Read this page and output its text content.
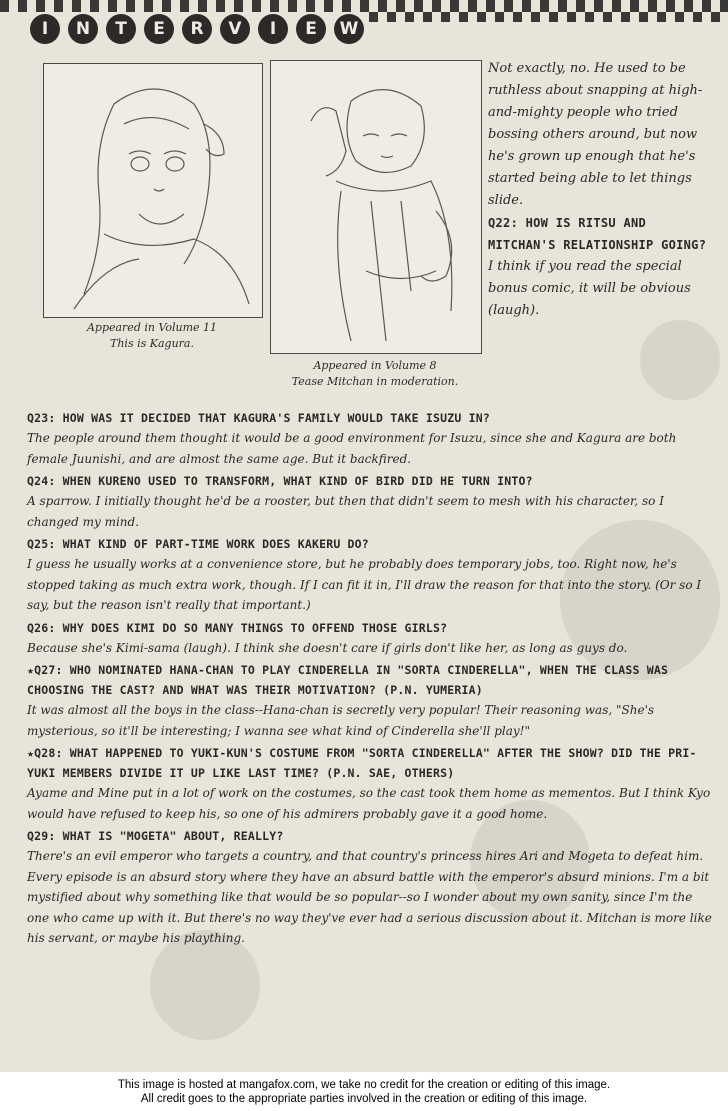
I	N	T	E	R	V	I	E	W
Appeared in Volume 11
This is Kagura.
Appeared in Volume 8
Tease Mitchan in moderation.
Not exactly, no. He used to be ruthless about snapping at high-and-mighty people who tried bossing others around, but now he's grown up enough that he's started being able to let things slide.
Q22: HOW IS RITSU AND MITCHAN'S RELATIONSHIP GOING?
I think if you read the special bonus comic, it will be obvious (laugh).

Q23: HOW WAS IT DECIDED THAT KAGURA'S FAMILY WOULD TAKE ISUZU IN?

The people around them thought it would be a good environment for Isuzu, since she and Kagura are both female Juunishi, and are almost the same age. But it backfired.

Q24: WHEN KURENO USED TO TRANSFORM, WHAT KIND OF BIRD DID HE TURN INTO?

A sparrow. I initially thought he'd be a rooster, but then that didn't seem to mesh with his character, so I changed my mind.

Q25: WHAT KIND OF PART-TIME WORK DOES KAKERU DO?

I guess he usually works at a convenience store, but he probably does temporary jobs, too. Right now, he's stopped taking as much extra work, though. If I can fit it in, I'll draw the reason for that into the story. (Or so I say, but the reason isn't really that important.)

Q26: WHY DOES KIMI DO SO MANY THINGS TO OFFEND THOSE GIRLS?

Because she's Kimi-sama (laugh). I think she doesn't care if girls don't like her, as long as guys do.

★Q27: WHO NOMINATED HANA-CHAN TO PLAY CINDERELLA IN "SORTA CINDERELLA", WHEN THE CLASS WAS CHOOSING THE CAST? AND WHAT WAS THEIR MOTIVATION? (P.N. YUMERIA)

It was almost all the boys in the class--Hana-chan is secretly very popular! Their reasoning was, "She's mysterious, so it'll be interesting; I wanna see what kind of Cinderella she'll play!"

★Q28: WHAT HAPPENED TO YUKI-KUN'S COSTUME FROM "SORTA CINDERELLA" AFTER THE SHOW? DID THE PRI-YUKI MEMBERS DIVIDE IT UP LIKE LAST TIME? (P.N. SAE, OTHERS)

Ayame and Mine put in a lot of work on the costumes, so the cast took them home as mementos. But I think Kyo would have refused to keep his, so one of his admirers probably gave it a good home.

Q29: WHAT IS "MOGETA" ABOUT, REALLY?

There's an evil emperor who targets a country, and that country's princess hires Ari and Mogeta to defeat him. Every episode is an absurd story where they have an absurd battle with the emperor's absurd minions. I'm a bit mystified about why something like that would be so popular--so I wonder about my own sanity, since I'm the one who came up with it. But there's no way they've ever had a serious discussion about it. Mitchan is more like his servant, or maybe his plaything.

This image is hosted at mangafox.com, we take no credit for the creation or editing of this image.
All credit goes to the appropriate parties involved in the creation or editing of this image.
